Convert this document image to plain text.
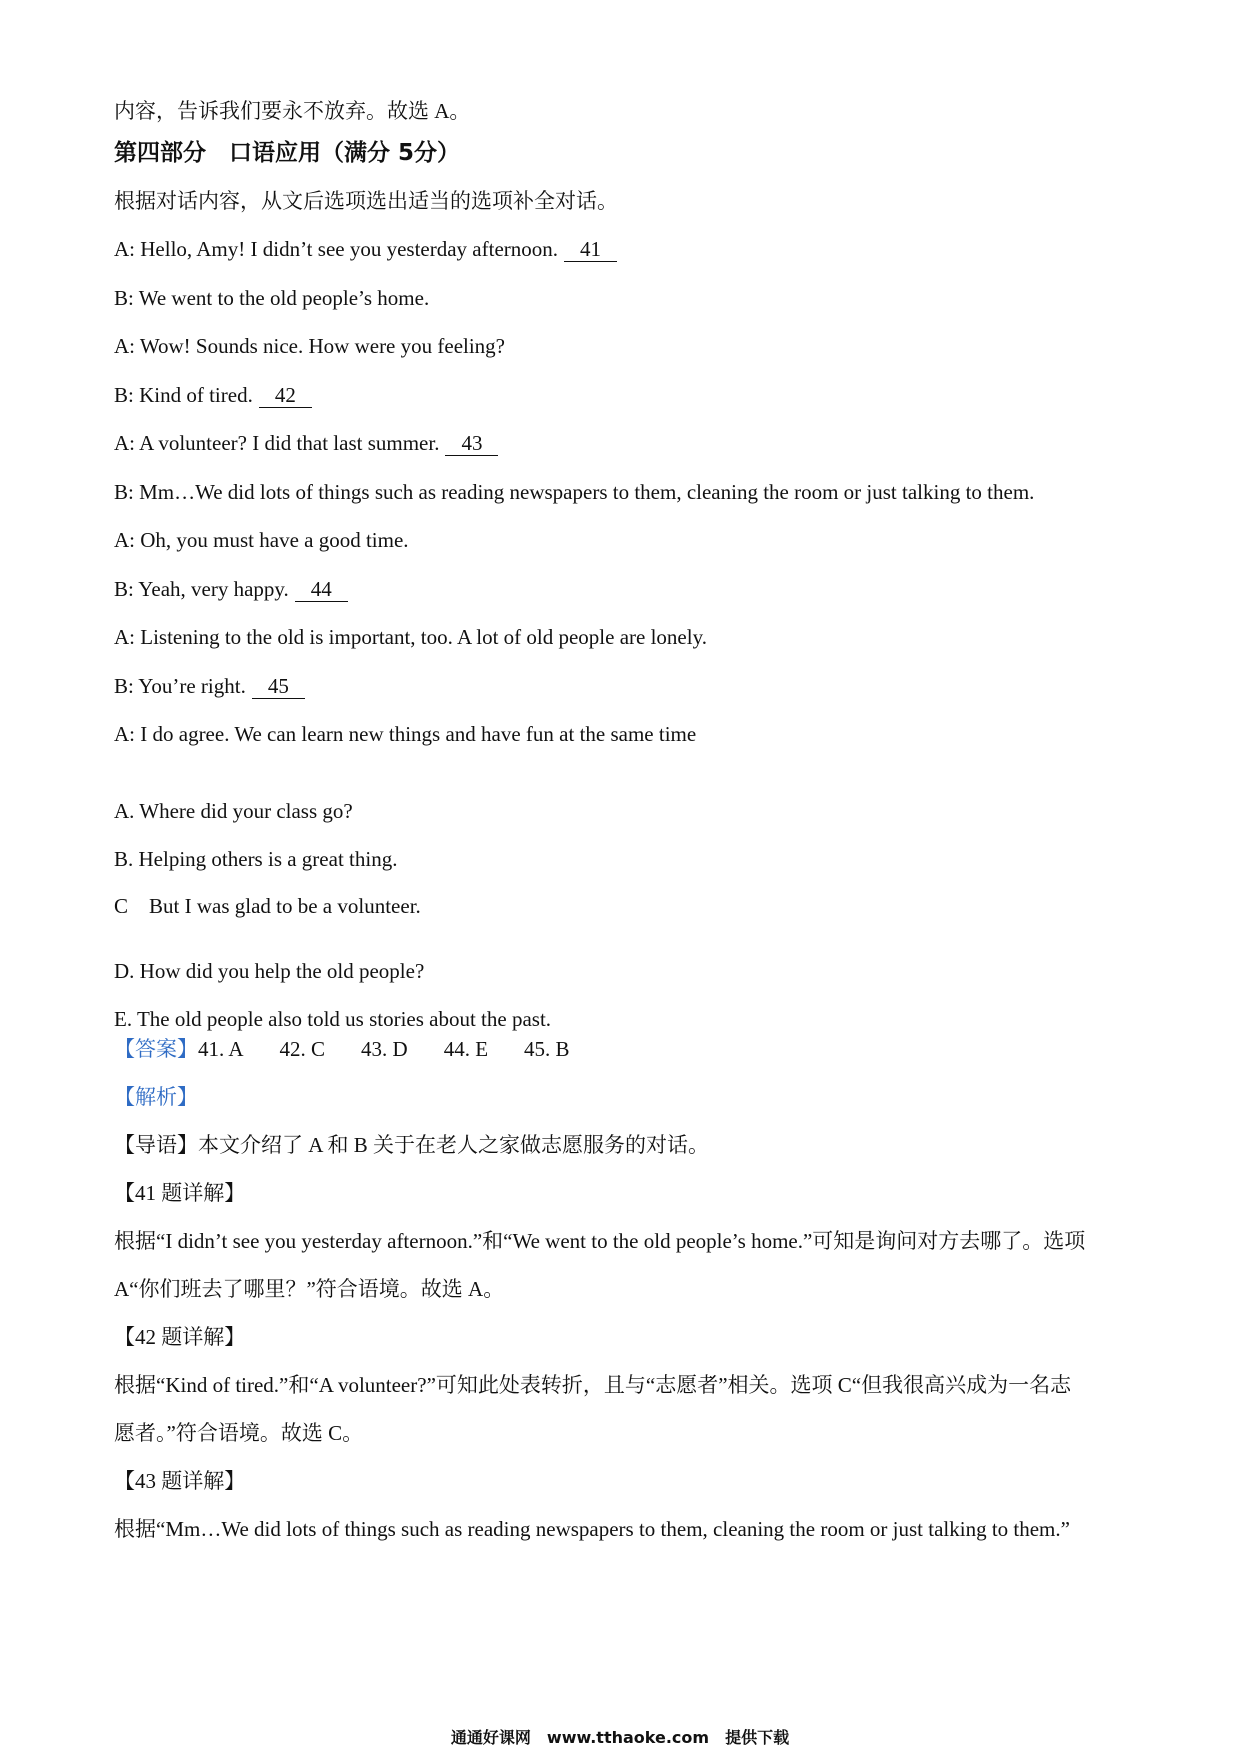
内容，告诉我们要永不放弃。故选 A。

第四部分　口语应用（满分 5分）

根据对话内容，从文后选项选出适当的选项补全对话。

A: Hello, Amy! I didn’t see you yesterday afternoon. 41

B: We went to the old people’s home.

A: Wow! Sounds nice. How were you feeling?

B: Kind of tired. 42

A: A volunteer? I did that last summer. 43

B: Mm…We did lots of things such as reading newspapers to them, cleaning the room or just talking to them.

A: Oh, you must have a good time.

B: Yeah, very happy. 44

A: Listening to the old is important, too. A lot of old people are lonely.

B: You’re right. 45

A: I do agree. We can learn new things and have fun at the same time

A. Where did your class go?

B. Helping others is a great thing.

C　But I was glad to be a volunteer.

D. How did you help the old people?

E. The old people also told us stories about the past.

【答案】41. A 42. C 43. D 44. E 45. B

【解析】

【导语】本文介绍了 A 和 B 关于在老人之家做志愿服务的对话。

【41 题详解】

根据“I didn’t see you yesterday afternoon.”和“We went to the old people’s home.”可知是询问对方去哪了。选项

A“你们班去了哪里？”符合语境。故选 A。

【42 题详解】

根据“Kind of tired.”和“A volunteer?”可知此处表转折，且与“志愿者”相关。选项 C“但我很高兴成为一名志

愿者。”符合语境。故选 C。

【43 题详解】

根据“Mm…We did lots of things such as reading newspapers to them, cleaning the room or just talking to them.”

通通好课网　www.tthaoke.com　提供下载
